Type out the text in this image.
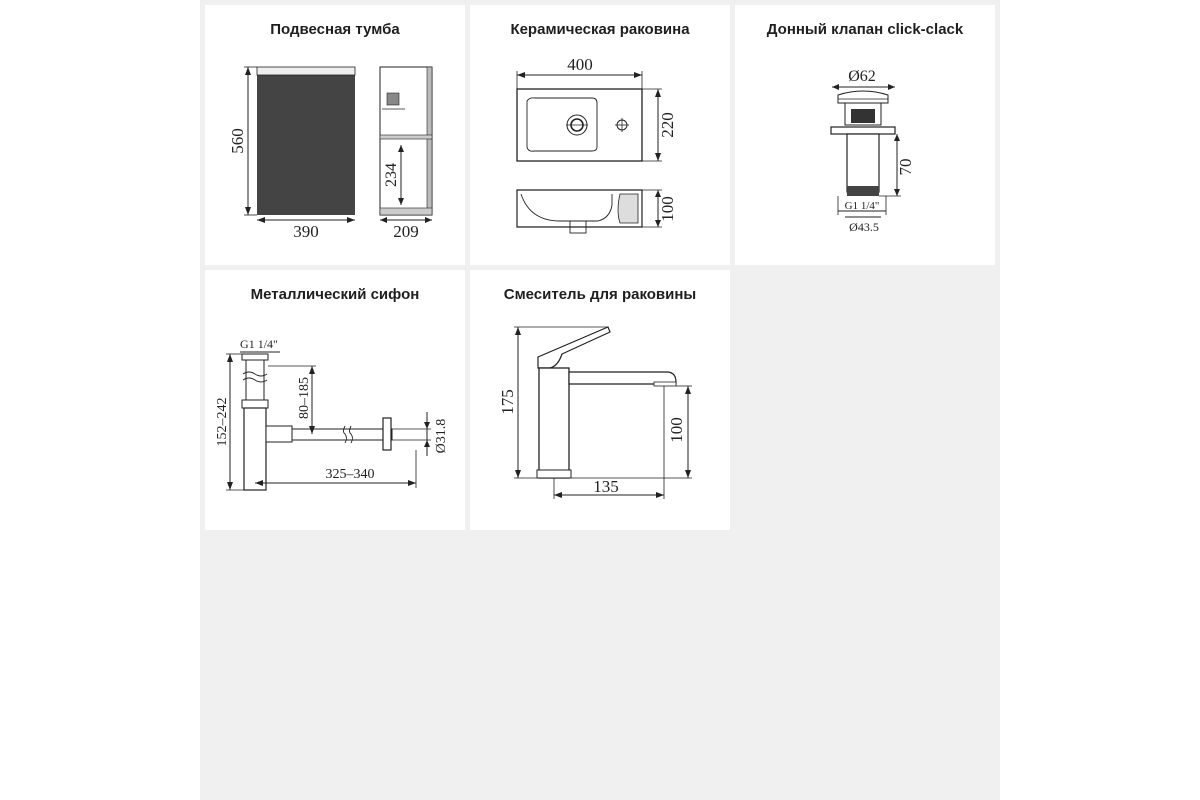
Подвесная тумба
560
390
234
209
Керамическая раковина
400
220
100
Донный клапан click-clack
Ø62
70
G1 1/4"
Ø43.5
Металлический сифон
G1 1/4"
152–242	80–185
Ø31.8
325–340
Смеситель для раковины
175
100
135
